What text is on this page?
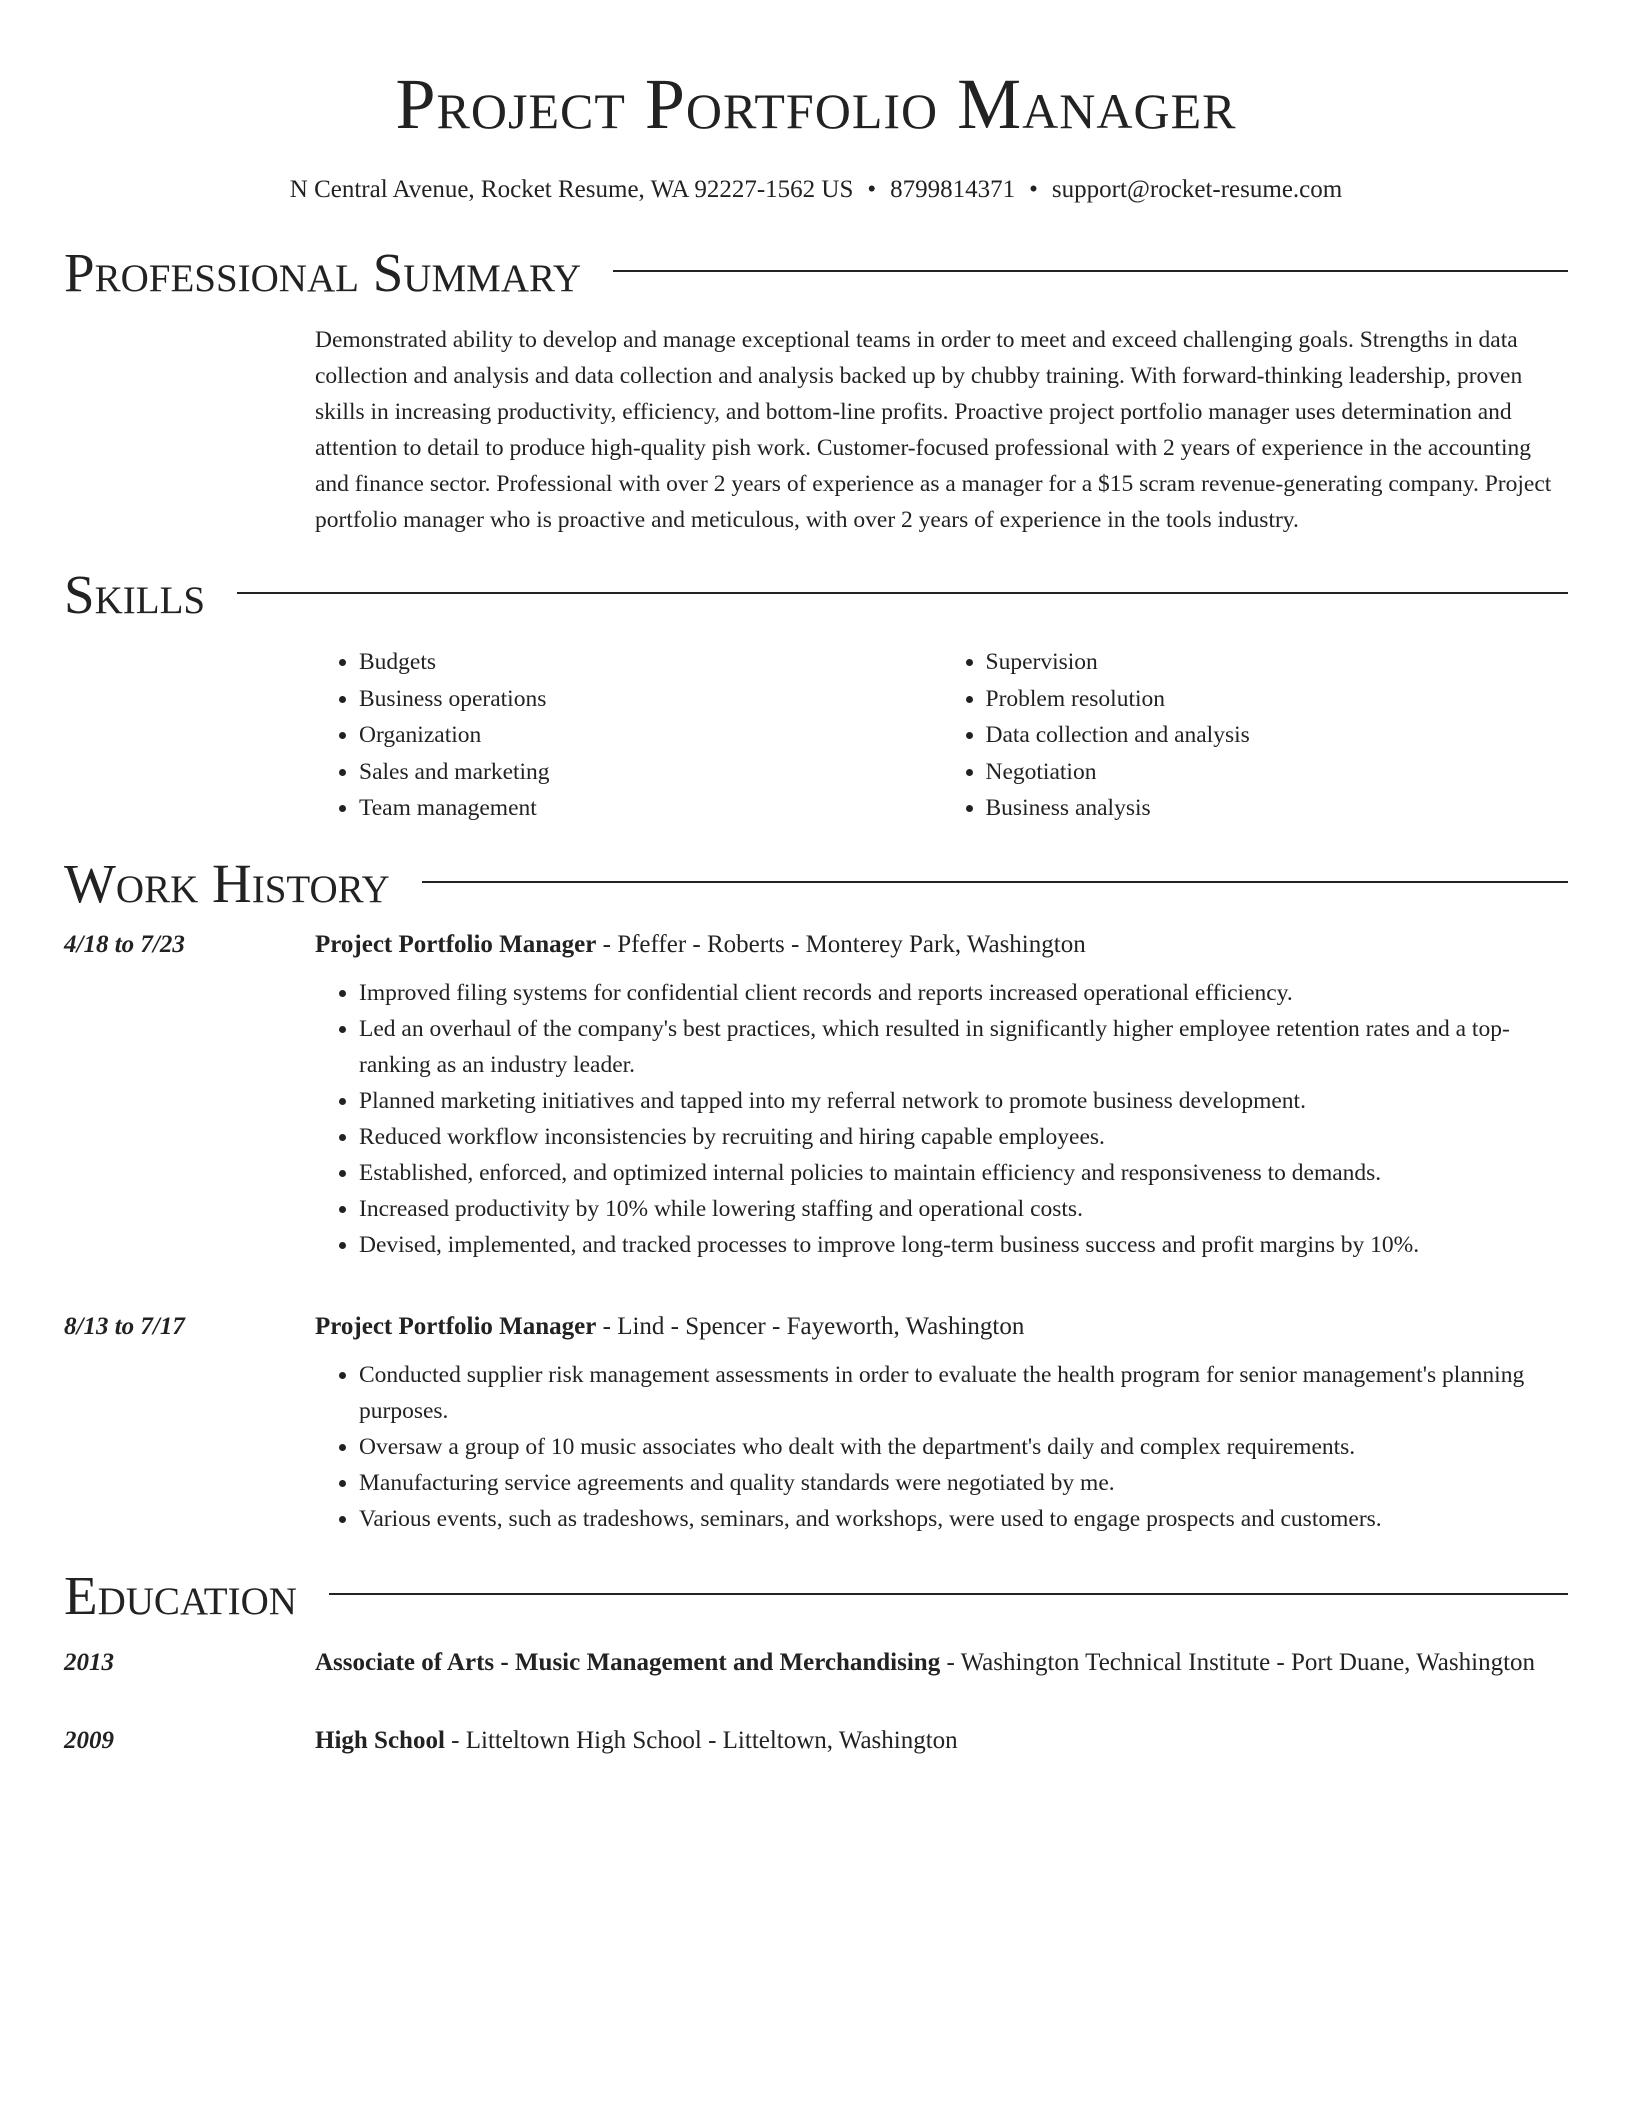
Project Portfolio Manager
N Central Avenue, Rocket Resume, WA 92227-1562 US • 8799814371 • support@rocket-resume.com
Professional Summary
Demonstrated ability to develop and manage exceptional teams in order to meet and exceed challenging goals. Strengths in data collection and analysis and data collection and analysis backed up by chubby training. With forward-thinking leadership, proven skills in increasing productivity, efficiency, and bottom-line profits. Proactive project portfolio manager uses determination and attention to detail to produce high-quality pish work. Customer-focused professional with 2 years of experience in the accounting and finance sector. Professional with over 2 years of experience as a manager for a $15 scram revenue-generating company. Project portfolio manager who is proactive and meticulous, with over 2 years of experience in the tools industry.
Skills
• Budgets
• Business operations
• Organization
• Sales and marketing
• Team management
• Supervision
• Problem resolution
• Data collection and analysis
• Negotiation
• Business analysis
Work History
4/18 to 7/23	Project Portfolio Manager - Pfeffer - Roberts - Monterey Park, Washington
• Improved filing systems for confidential client records and reports increased operational efficiency.
• Led an overhaul of the company's best practices, which resulted in significantly higher employee retention rates and a top-ranking as an industry leader.
• Planned marketing initiatives and tapped into my referral network to promote business development.
• Reduced workflow inconsistencies by recruiting and hiring capable employees.
• Established, enforced, and optimized internal policies to maintain efficiency and responsiveness to demands.
• Increased productivity by 10% while lowering staffing and operational costs.
• Devised, implemented, and tracked processes to improve long-term business success and profit margins by 10%.
8/13 to 7/17	Project Portfolio Manager - Lind - Spencer - Fayeworth, Washington
• Conducted supplier risk management assessments in order to evaluate the health program for senior management's planning purposes.
• Oversaw a group of 10 music associates who dealt with the department's daily and complex requirements.
• Manufacturing service agreements and quality standards were negotiated by me.
• Various events, such as tradeshows, seminars, and workshops, were used to engage prospects and customers.
Education
2013	Associate of Arts - Music Management and Merchandising - Washington Technical Institute - Port Duane, Washington
2009	High School - Litteltown High School - Litteltown, Washington
